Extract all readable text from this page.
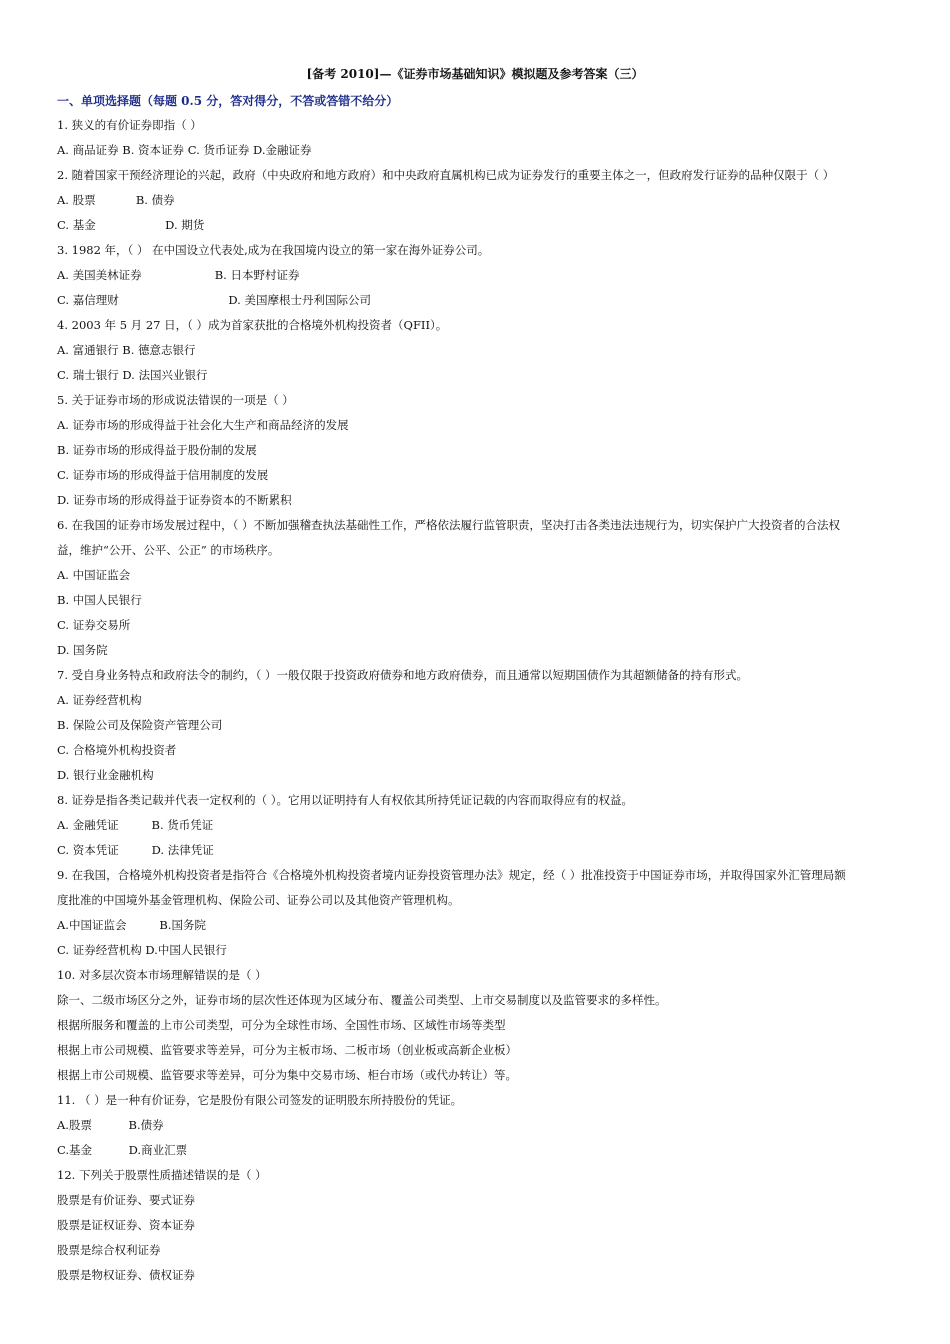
[备考 2010]—《证券市场基础知识》模拟题及参考答案（三）
一、单项选择题（每题 0.5 分，答对得分，不答或答错不给分）
1. 狭义的有价证券即指（ ）
A. 商品证券 B. 资本证券 C. 货币证券 D.金融证券
2. 随着国家干预经济理论的兴起，政府（中央政府和地方政府）和中央政府直属机构已成为证券发行的重要主体之一，但政府发行证券的品种仅限于（ ）
A. 股票           B. 债券
C. 基金                   D. 期货
3. 1982 年，（ ） 在中国设立代表处,成为在我国境内设立的第一家在海外证券公司。
A. 美国美林证券                    B. 日本野村证券
C. 嘉信理财                              D. 美国摩根士丹利国际公司
4. 2003 年 5 月 27 日，（ ）成为首家获批的合格境外机构投资者（QFII）。
A. 富通银行 B. 德意志银行
C. 瑞士银行 D. 法国兴业银行
5. 关于证券市场的形成说法错误的一项是（ ）
A. 证券市场的形成得益于社会化大生产和商品经济的发展
B. 证券市场的形成得益于股份制的发展
C. 证券市场的形成得益于信用制度的发展
D. 证券市场的形成得益于证券资本的不断累积
6. 在我国的证券市场发展过程中，（ ）不断加强稽查执法基础性工作，严格依法履行监管职责，坚决打击各类违法违规行为，切实保护广大投资者的合法权
益，维护“公开、公平、公正” 的市场秩序。
A. 中国证监会
B. 中国人民银行
C. 证券交易所
D. 国务院
7. 受自身业务特点和政府法令的制约，（ ）一般仅限于投资政府债券和地方政府债券，而且通常以短期国债作为其超额储备的持有形式。
A. 证券经营机构
B. 保险公司及保险资产管理公司
C. 合格境外机构投资者
D. 银行业金融机构
8. 证券是指各类记载并代表一定权利的（ ）。它用以证明持有人有权依其所持凭证记载的内容而取得应有的权益。
A. 金融凭证         B. 货币凭证
C. 资本凭证         D. 法律凭证
9. 在我国，合格境外机构投资者是指符合《合格境外机构投资者境内证券投资管理办法》规定，经（ ）批准投资于中国证券市场，并取得国家外汇管理局额
度批准的中国境外基金管理机构、保险公司、证券公司以及其他资产管理机构。
A.中国证监会         B.国务院
C. 证券经营机构 D.中国人民银行
10. 对多层次资本市场理解错误的是（ ）
除一、二级市场区分之外，证券市场的层次性还体现为区域分布、覆盖公司类型、上市交易制度以及监管要求的多样性。
根据所服务和覆盖的上市公司类型，可分为全球性市场、全国性市场、区域性市场等类型
根据上市公司规模、监管要求等差异，可分为主板市场、二板市场（创业板或高新企业板）
根据上市公司规模、监管要求等差异，可分为集中交易市场、柜台市场（或代办转让）等。
11. （ ）是一种有价证券，它是股份有限公司签发的证明股东所持股份的凭证。
A.股票          B.债券
C.基金          D.商业汇票
12. 下列关于股票性质描述错误的是（ ）
股票是有价证券、要式证券
股票是证权证券、资本证券
股票是综合权利证券
股票是物权证券、债权证券
